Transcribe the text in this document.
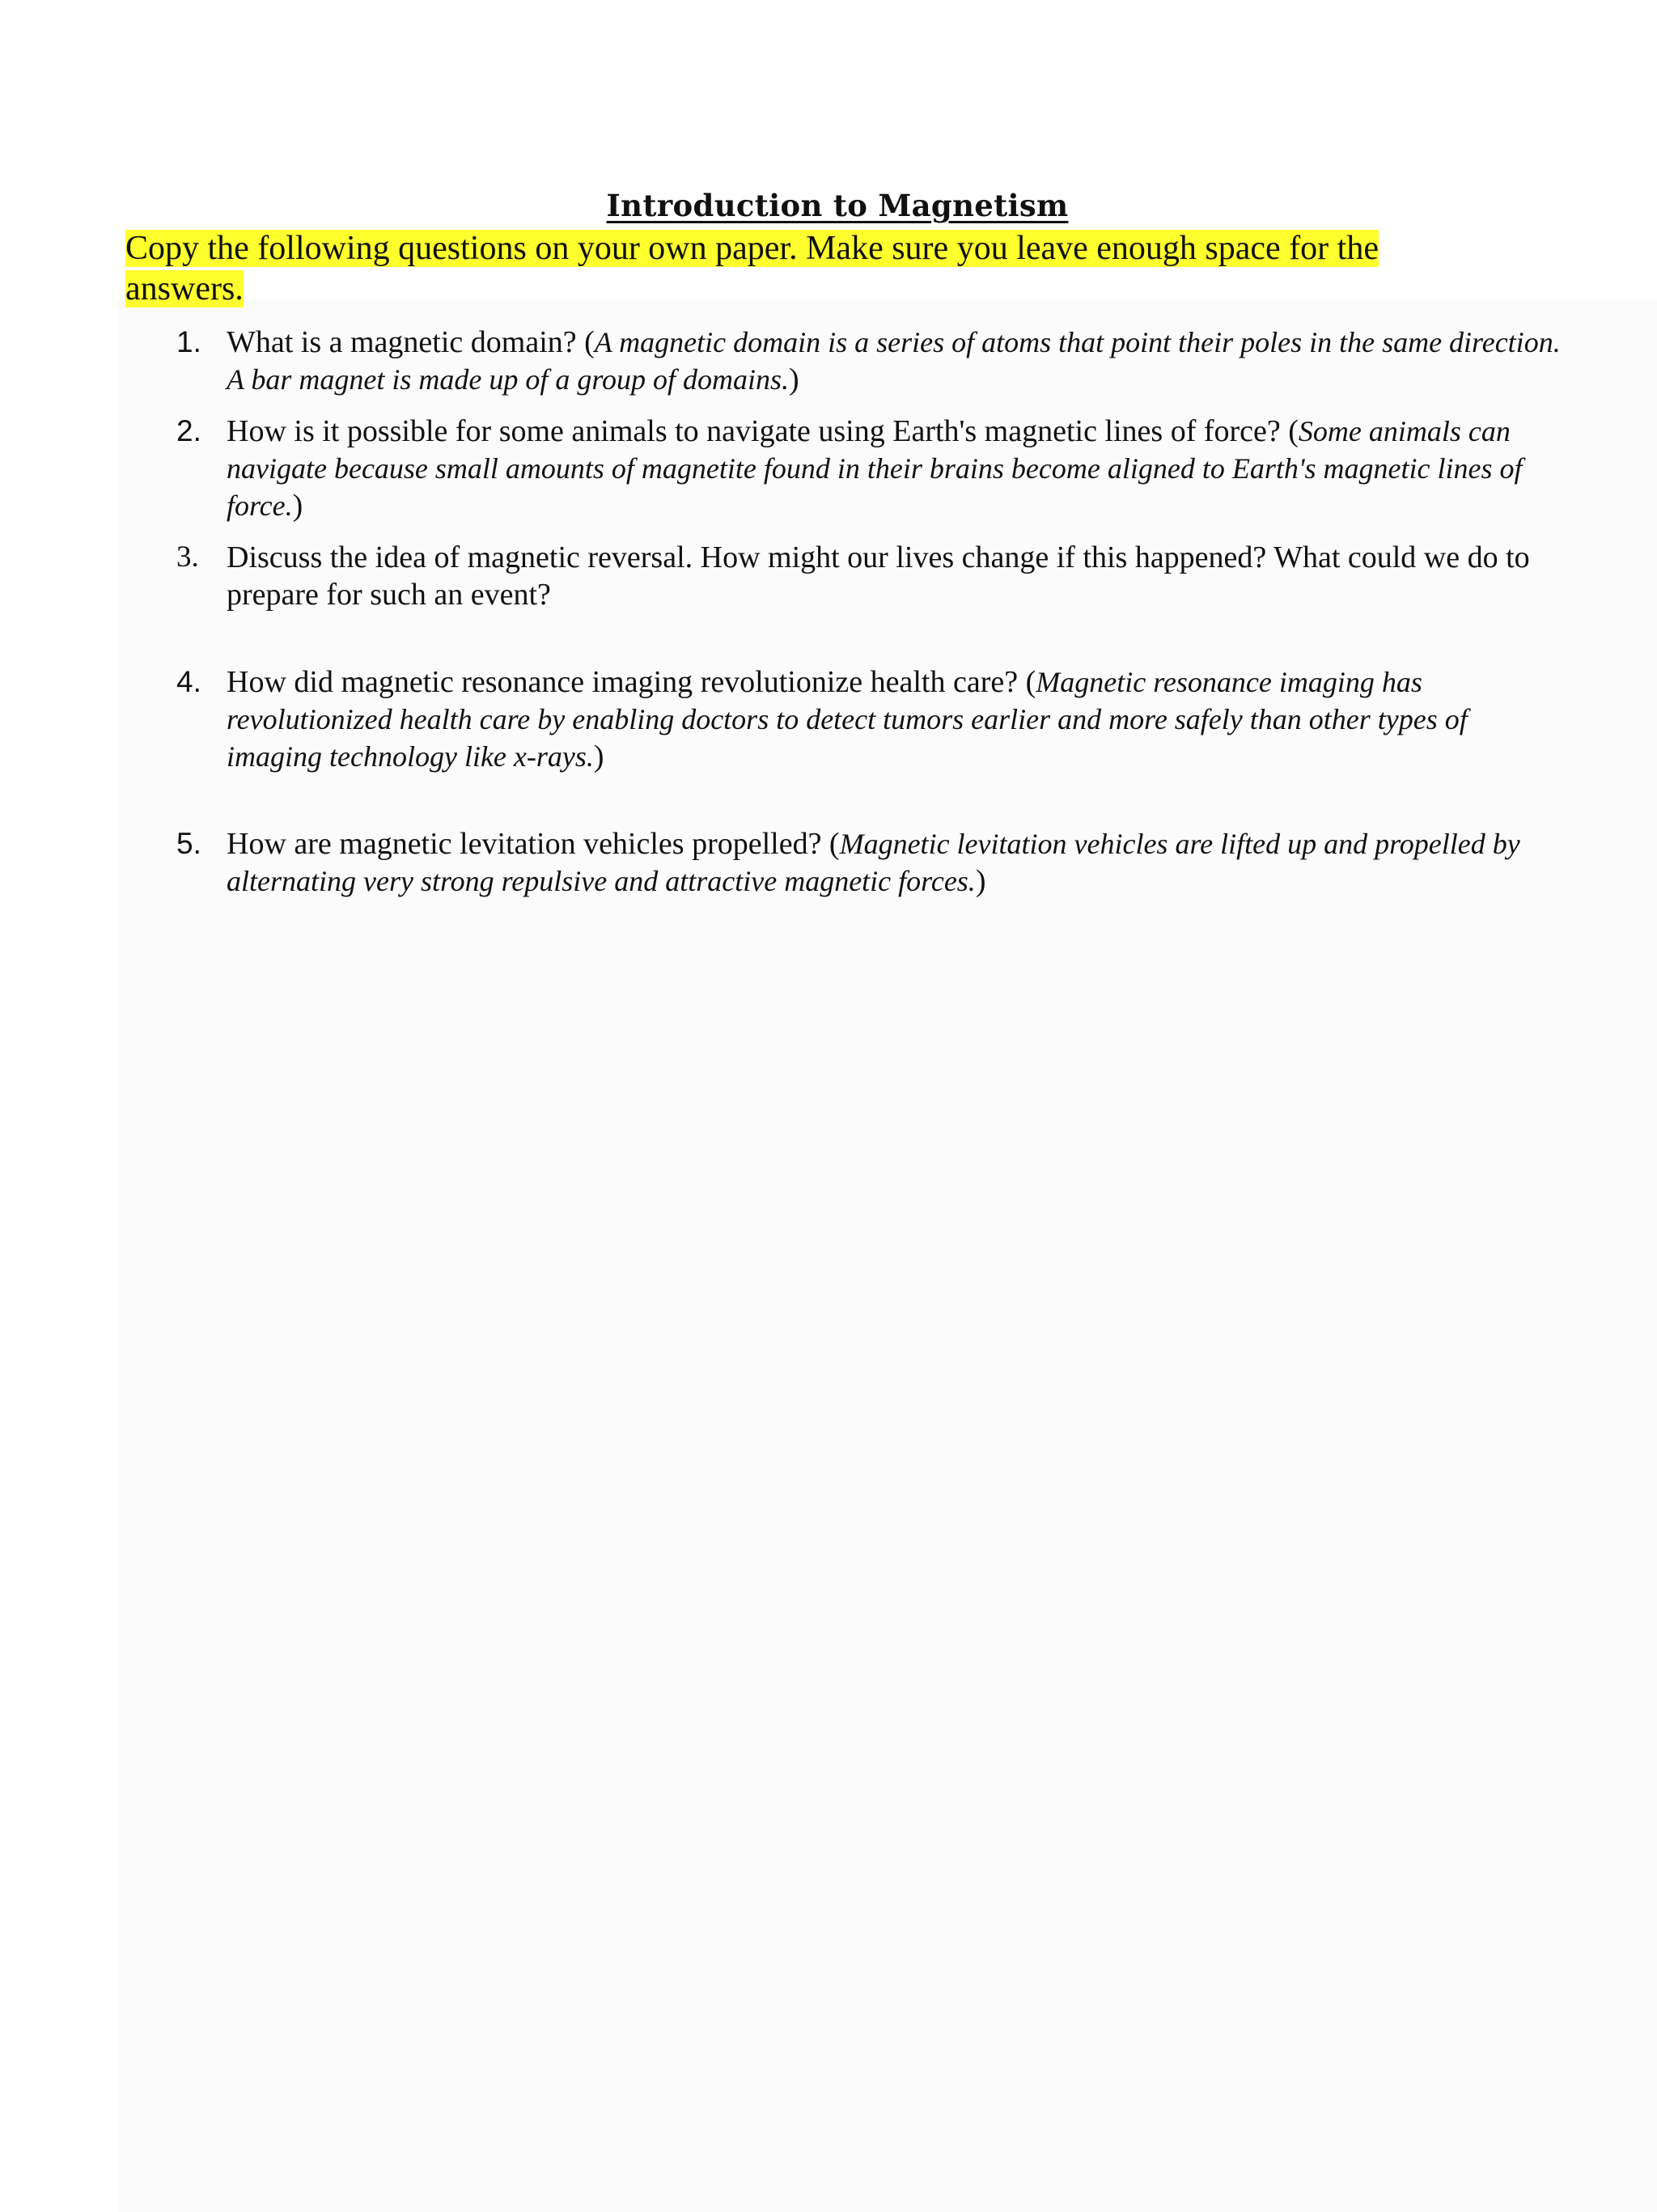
Introduction to Magnetism
Copy the following questions on your own paper. Make sure you leave enough space for the answers.
1. What is a magnetic domain? (A magnetic domain is a series of atoms that point their poles in the same direction. A bar magnet is made up of a group of domains.)
2. How is it possible for some animals to navigate using Earth's magnetic lines of force? (Some animals can navigate because small amounts of magnetite found in their brains become aligned to Earth's magnetic lines of force.)
3. Discuss the idea of magnetic reversal. How might our lives change if this happened? What could we do to prepare for such an event?
4. How did magnetic resonance imaging revolutionize health care? (Magnetic resonance imaging has revolutionized health care by enabling doctors to detect tumors earlier and more safely than other types of imaging technology like x-rays.)
5. How are magnetic levitation vehicles propelled? (Magnetic levitation vehicles are lifted up and propelled by alternating very strong repulsive and attractive magnetic forces.)
